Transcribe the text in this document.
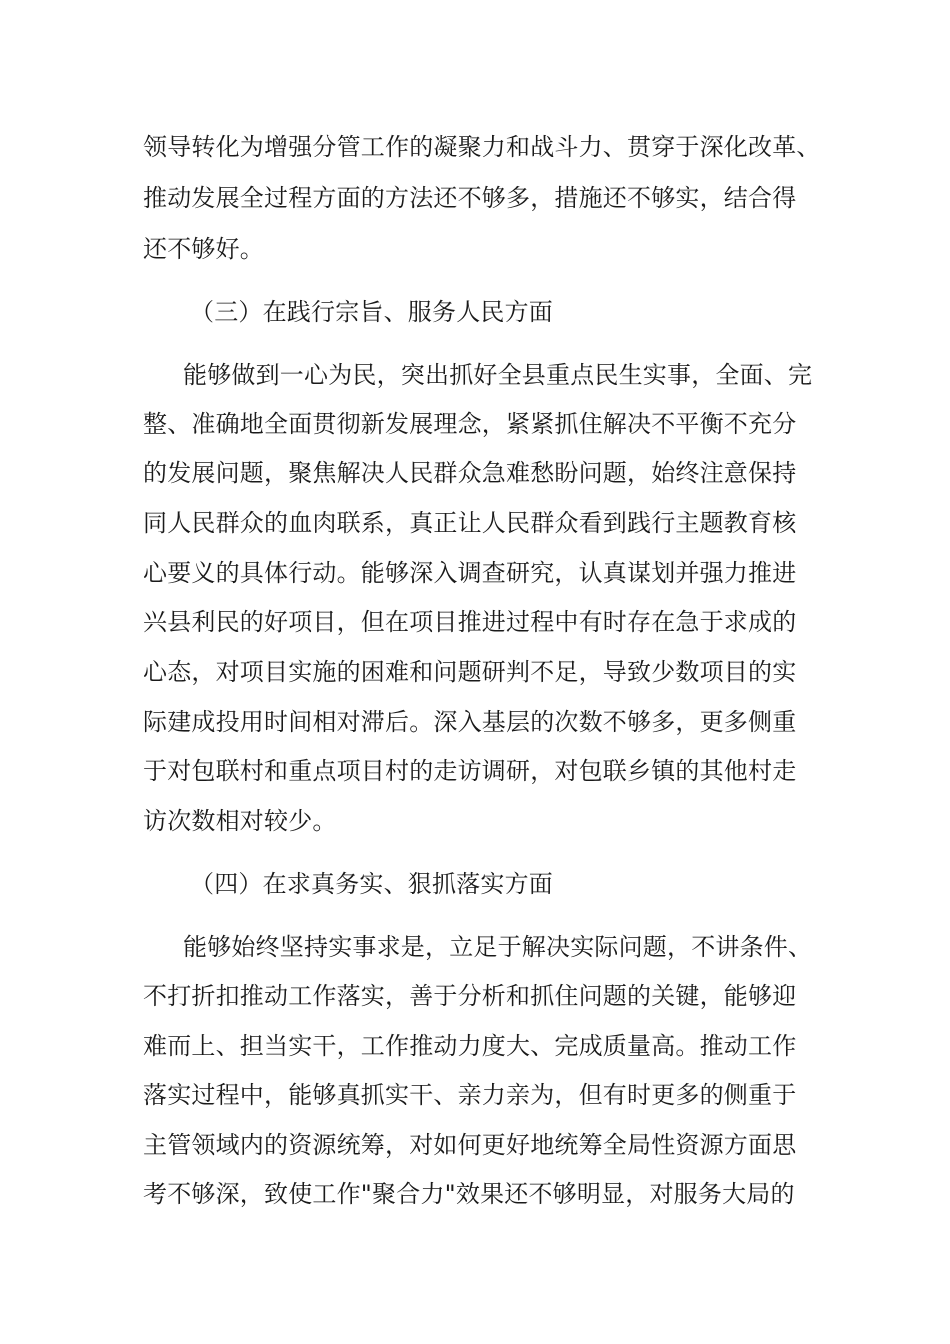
领导转化为增强分管工作的凝聚力和战斗力、贯穿于深化改革、
推动发展全过程方面的方法还不够多，措施还不够实，结合得
还不够好。
（三）在践行宗旨、服务人民方面
能够做到一心为民，突出抓好全县重点民生实事，全面、完
整、准确地全面贯彻新发展理念，紧紧抓住解决不平衡不充分
的发展问题，聚焦解决人民群众急难愁盼问题，始终注意保持
同人民群众的血肉联系，真正让人民群众看到践行主题教育核
心要义的具体行动。能够深入调查研究，认真谋划并强力推进
兴县利民的好项目，但在项目推进过程中有时存在急于求成的
心态，对项目实施的困难和问题研判不足，导致少数项目的实
际建成投用时间相对滞后。深入基层的次数不够多，更多侧重
于对包联村和重点项目村的走访调研，对包联乡镇的其他村走
访次数相对较少。
（四）在求真务实、狠抓落实方面
能够始终坚持实事求是，立足于解决实际问题，不讲条件、
不打折扣推动工作落实，善于分析和抓住问题的关键，能够迎
难而上、担当实干，工作推动力度大、完成质量高。推动工作
落实过程中，能够真抓实干、亲力亲为，但有时更多的侧重于
主管领域内的资源统筹，对如何更好地统筹全局性资源方面思
考不够深，致使工作"聚合力"效果还不够明显，对服务大局的
